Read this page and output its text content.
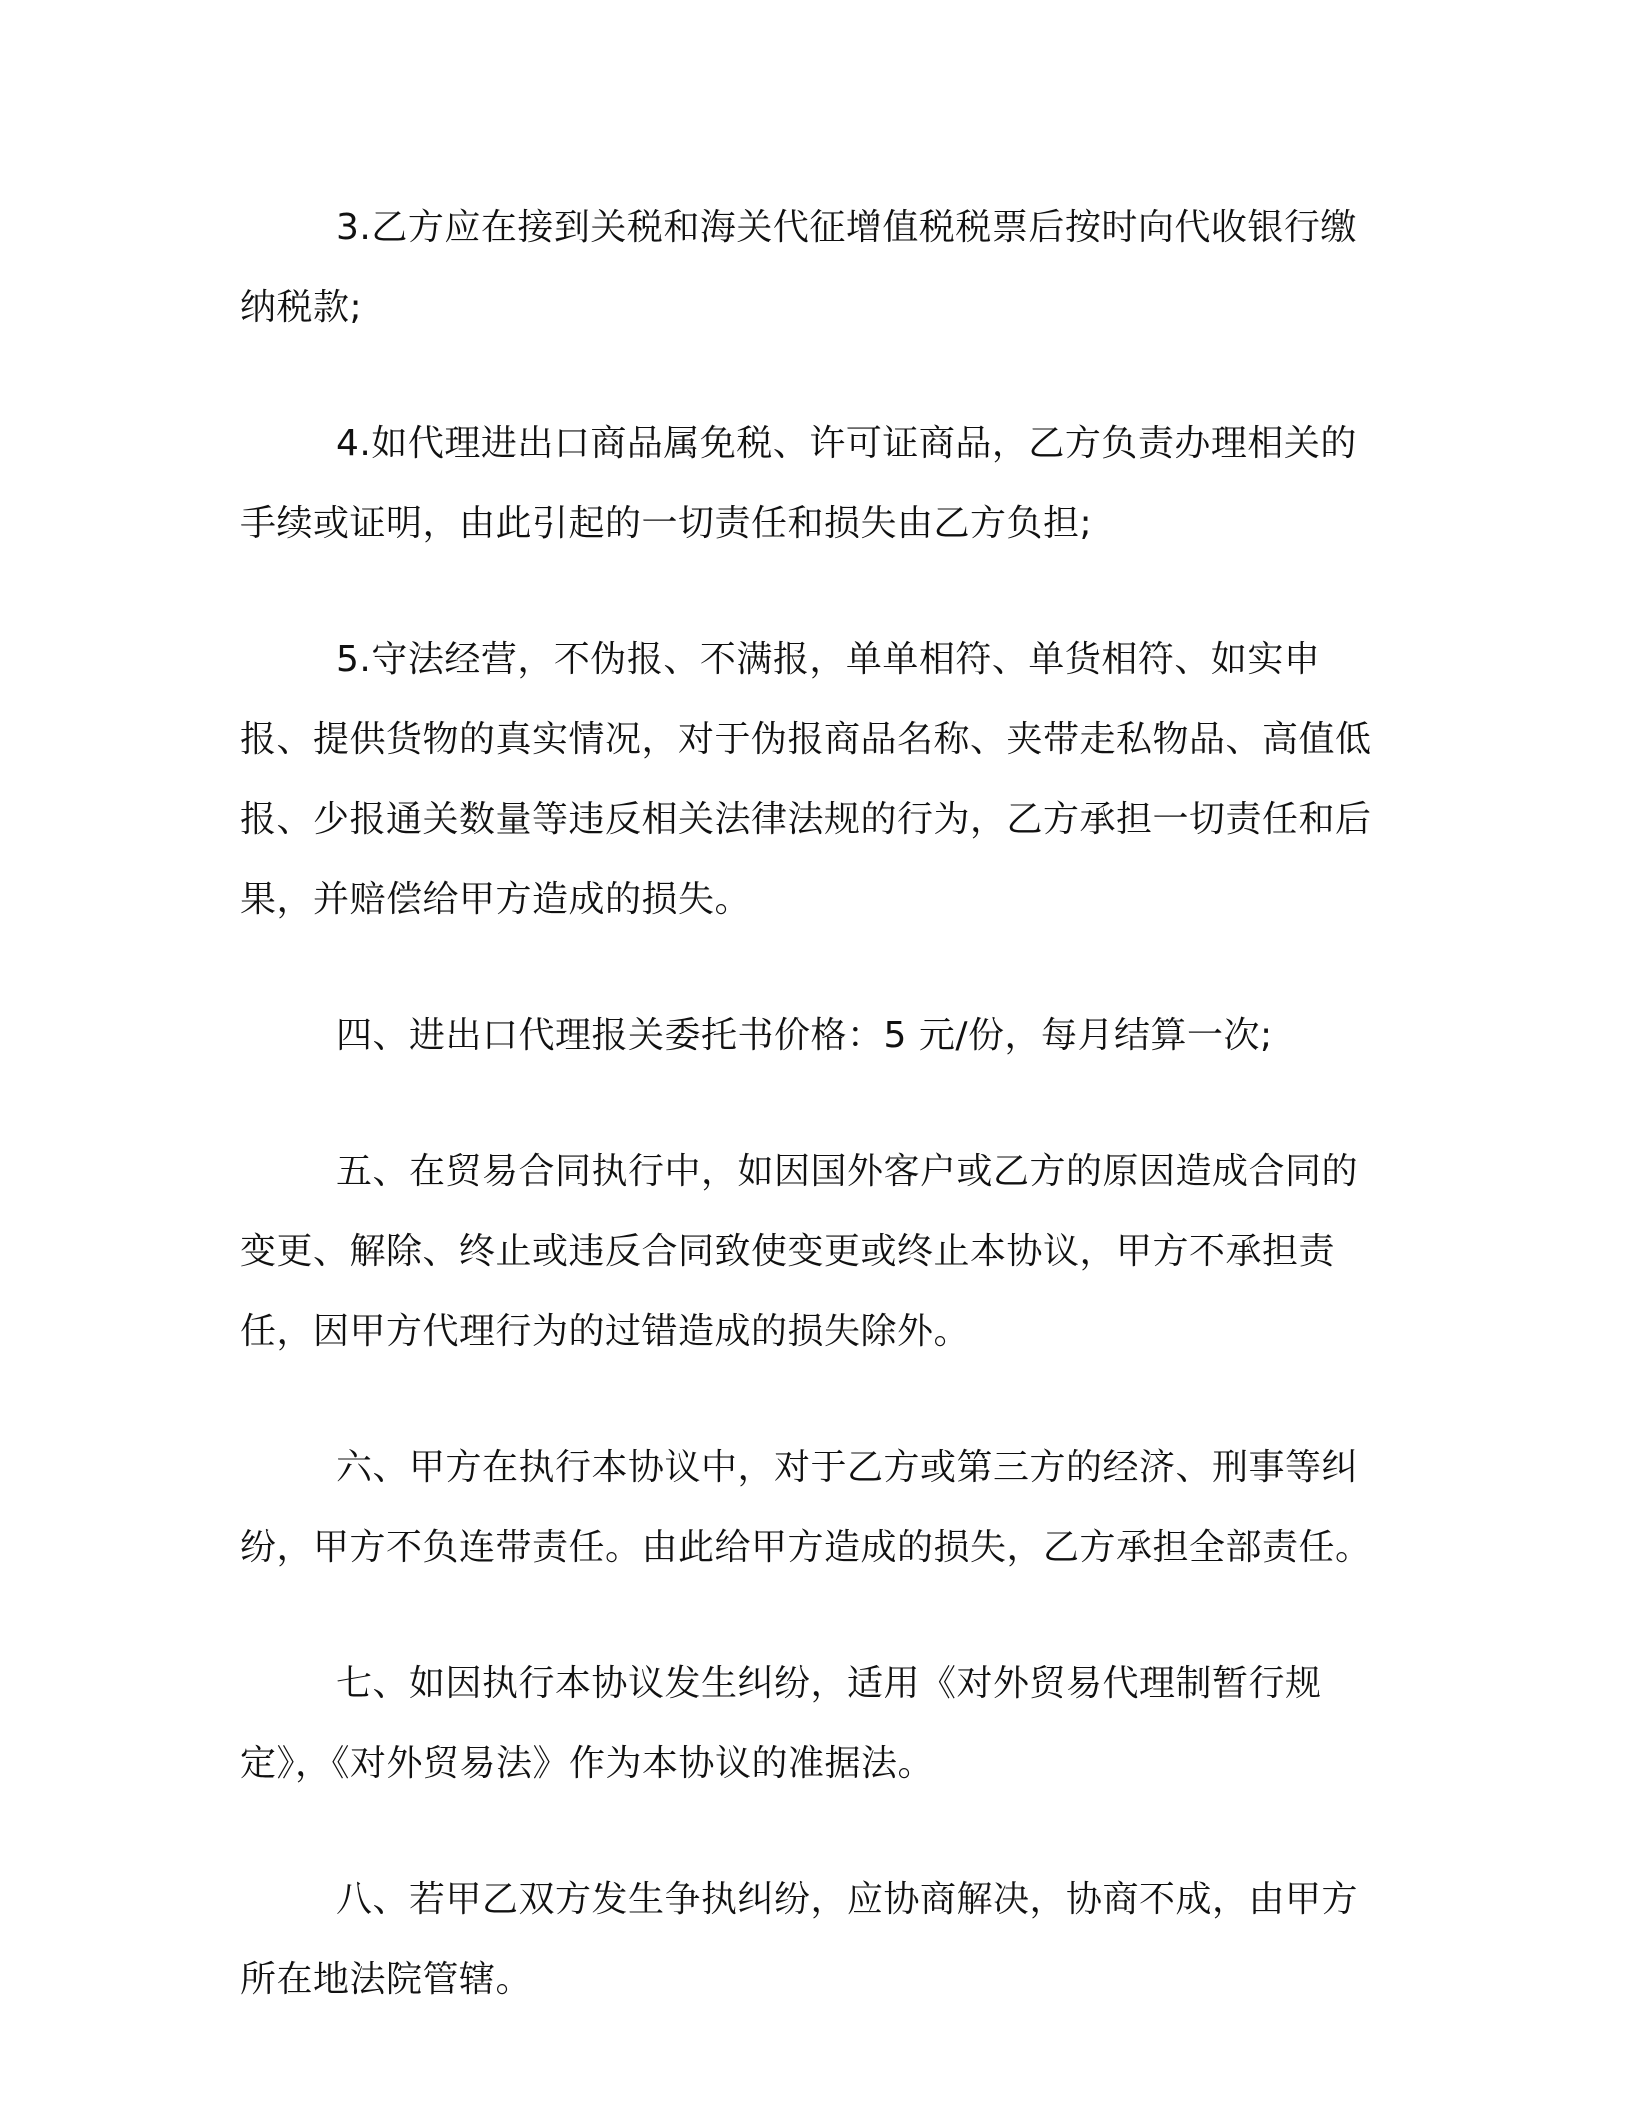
3.乙方应在接到关税和海关代征增值税税票后按时向代收银行缴纳税款;

4.如代理进出口商品属免税、许可证商品，乙方负责办理相关的手续或证明，由此引起的一切责任和损失由乙方负担;

5.守法经营，不伪报、不满报，单单相符、单货相符、如实申报、提供货物的真实情况，对于伪报商品名称、夹带走私物品、高值低报、少报通关数量等违反相关法律法规的行为，乙方承担一切责任和后果，并赔偿给甲方造成的损失。

四、进出口代理报关委托书价格：5 元/份，每月结算一次;

五、在贸易合同执行中，如因国外客户或乙方的原因造成合同的变更、解除、终止或违反合同致使变更或终止本协议，甲方不承担责任，因甲方代理行为的过错造成的损失除外。

六、甲方在执行本协议中，对于乙方或第三方的经济、刑事等纠纷，甲方不负连带责任。由此给甲方造成的损失，乙方承担全部责任。

七、如因执行本协议发生纠纷，适用《对外贸易代理制暂行规定》，《对外贸易法》作为本协议的准据法。

八、若甲乙双方发生争执纠纷，应协商解决，协商不成，由甲方所在地法院管辖。
